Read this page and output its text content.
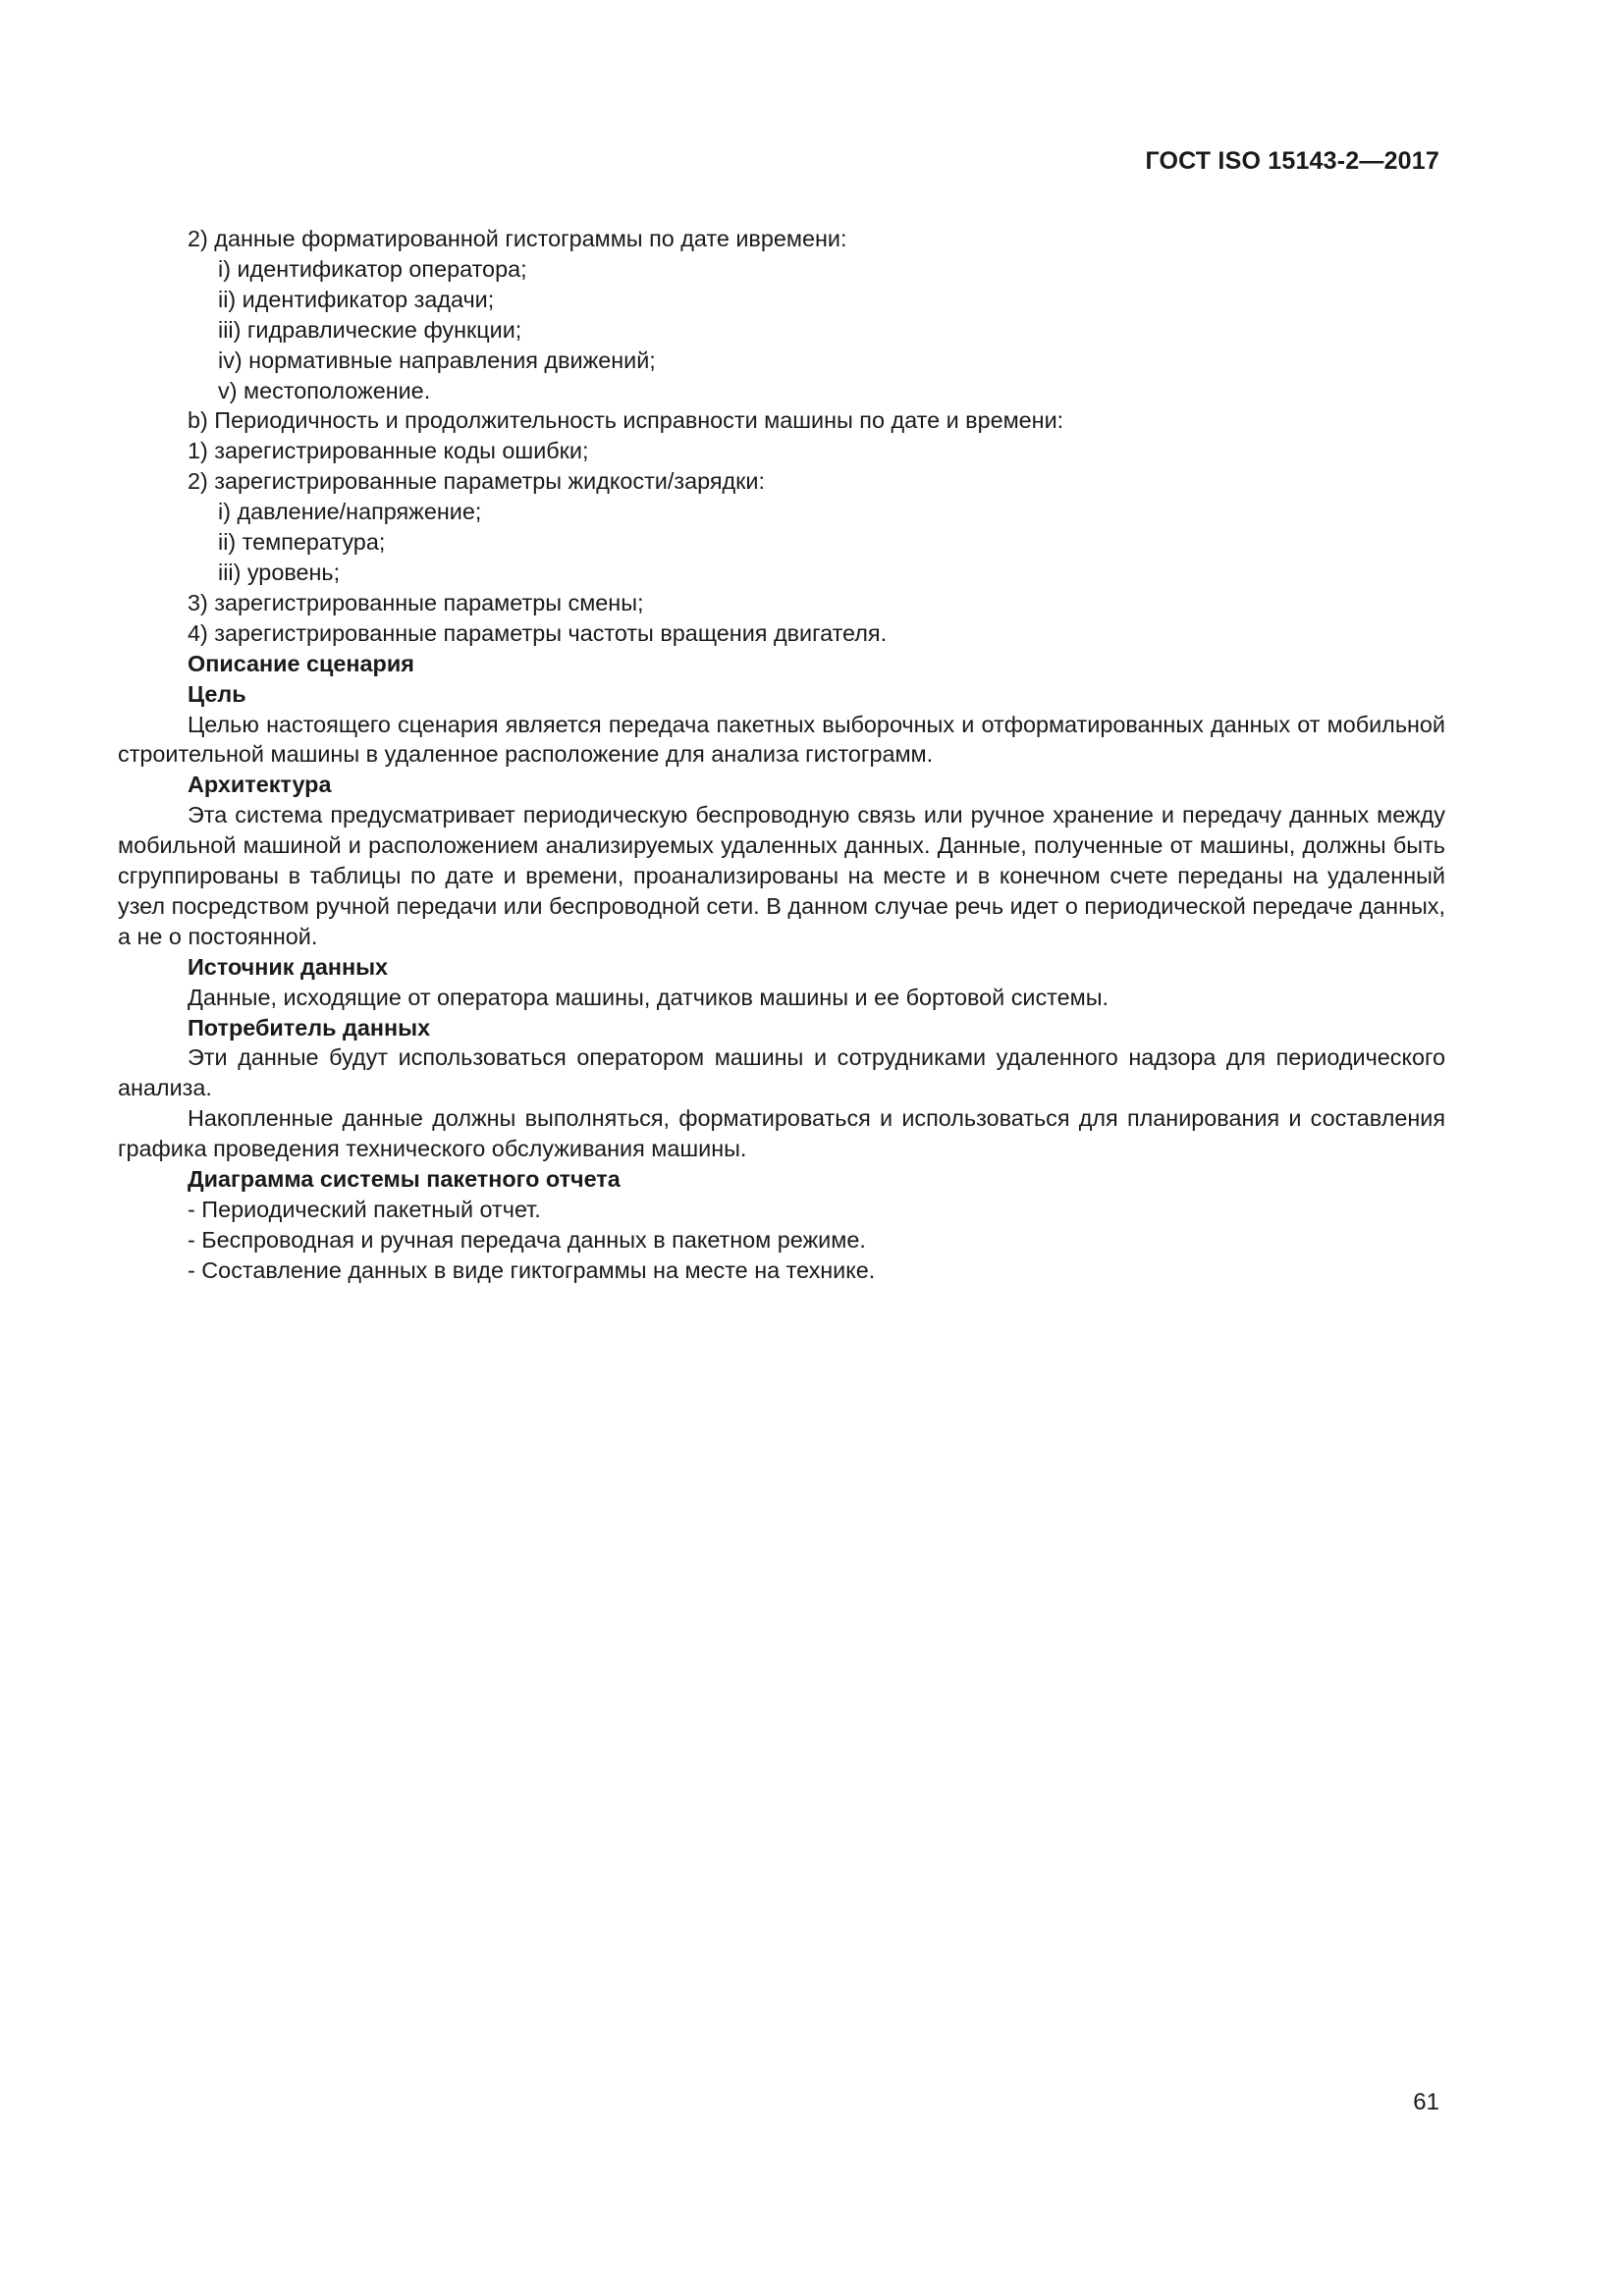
ГОСТ ISO 15143-2—2017
2) данные форматированной гистограммы по дате ивремени:
i) идентификатор оператора;
ii) идентификатор задачи;
iii) гидравлические функции;
iv) нормативные направления движений;
v) местоположение.
b) Периодичность и продолжительность исправности машины по дате и времени:
1) зарегистрированные коды ошибки;
2) зарегистрированные параметры жидкости/зарядки:
i) давление/напряжение;
ii) температура;
iii) уровень;
3) зарегистрированные параметры смены;
4) зарегистрированные параметры частоты вращения двигателя.
Описание сценария
Цель
Целью настоящего сценария является передача пакетных выборочных и отформатированных данных от мобильной строительной машины в удаленное расположение для анализа гистограмм.
Архитектура
Эта система предусматривает периодическую беспроводную связь или ручное хранение и передачу данных между мобильной машиной и расположением анализируемых удаленных данных. Данные, полученные от машины, должны быть сгруппированы в таблицы по дате и времени, проанализированы на месте и в конечном счете переданы на удаленный узел посредством ручной передачи или беспроводной сети. В данном случае речь идет о периодической передаче данных, а не о постоянной.
Источник данных
Данные, исходящие от оператора машины, датчиков машины и ее бортовой системы.
Потребитель данных
Эти данные будут использоваться оператором машины и сотрудниками удаленного надзора для периодического анализа.
Накопленные данные должны выполняться, форматироваться и использоваться для планирования и составления графика проведения технического обслуживания машины.
Диаграмма системы пакетного отчета
- Периодический пакетный отчет.
- Беспроводная и ручная передача данных в пакетном режиме.
- Составление данных в виде гиктограммы на месте на технике.
61
